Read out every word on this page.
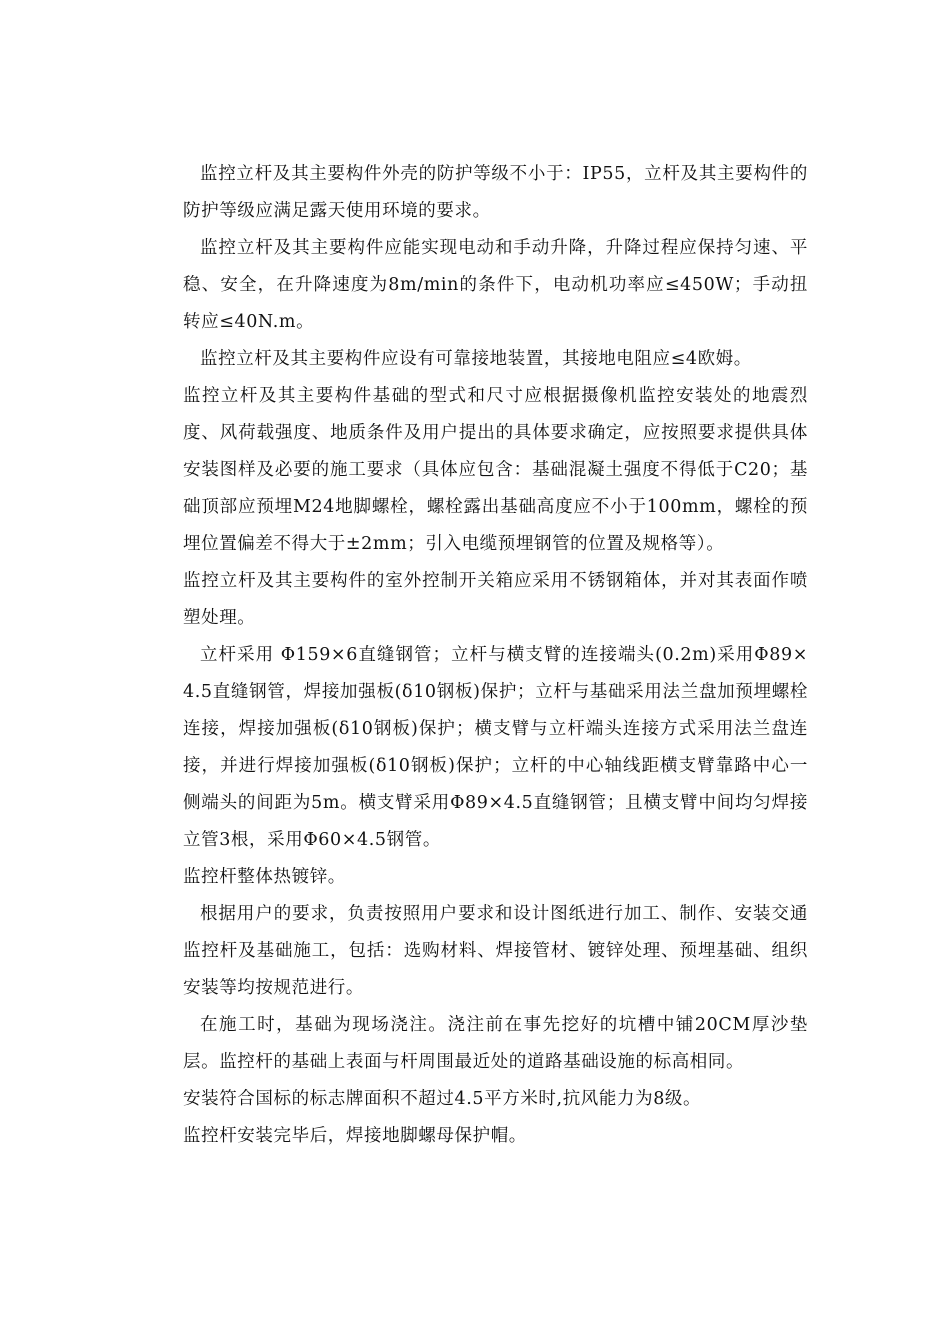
监控立杆及其主要构件外壳的防护等级不小于：IP55，立杆及其主要构件的防护等级应满足露天使用环境的要求。

监控立杆及其主要构件应能实现电动和手动升降，升降过程应保持匀速、平稳、安全，在升降速度为8m/min的条件下，电动机功率应≤450W；手动扭转应≤40N.m。

监控立杆及其主要构件应设有可靠接地装置，其接地电阻应≤4欧姆。

监控立杆及其主要构件基础的型式和尺寸应根据摄像机监控安装处的地震烈度、风荷载强度、地质条件及用户提出的具体要求确定，应按照要求提供具体安装图样及必要的施工要求（具体应包含：基础混凝土强度不得低于C20；基础顶部应预埋M24地脚螺栓，螺栓露出基础高度应不小于100mm，螺栓的预埋位置偏差不得大于±2mm；引入电缆预埋钢管的位置及规格等）。

监控立杆及其主要构件的室外控制开关箱应采用不锈钢箱体，并对其表面作喷塑处理。

立杆采用 Φ159×6直缝钢管；立杆与横支臂的连接端头(0.2m)采用Φ89×4.5直缝钢管，焊接加强板(δ10钢板)保护；立杆与基础采用法兰盘加预埋螺栓连接，焊接加强板(δ10钢板)保护；横支臂与立杆端头连接方式采用法兰盘连接，并进行焊接加强板(δ10钢板)保护；立杆的中心轴线距横支臂靠路中心一侧端头的间距为5m。横支臂采用Φ89×4.5直缝钢管；且横支臂中间均匀焊接立管3根，采用Φ60×4.5钢管。

监控杆整体热镀锌。

根据用户的要求，负责按照用户要求和设计图纸进行加工、制作、安装交通监控杆及基础施工，包括：选购材料、焊接管材、镀锌处理、预埋基础、组织安装等均按规范进行。

在施工时，基础为现场浇注。浇注前在事先挖好的坑槽中铺20CM厚沙垫层。监控杆的基础上表面与杆周围最近处的道路基础设施的标高相同。

安装符合国标的标志牌面积不超过4.5平方米时,抗风能力为8级。

监控杆安装完毕后，焊接地脚螺母保护帽。
